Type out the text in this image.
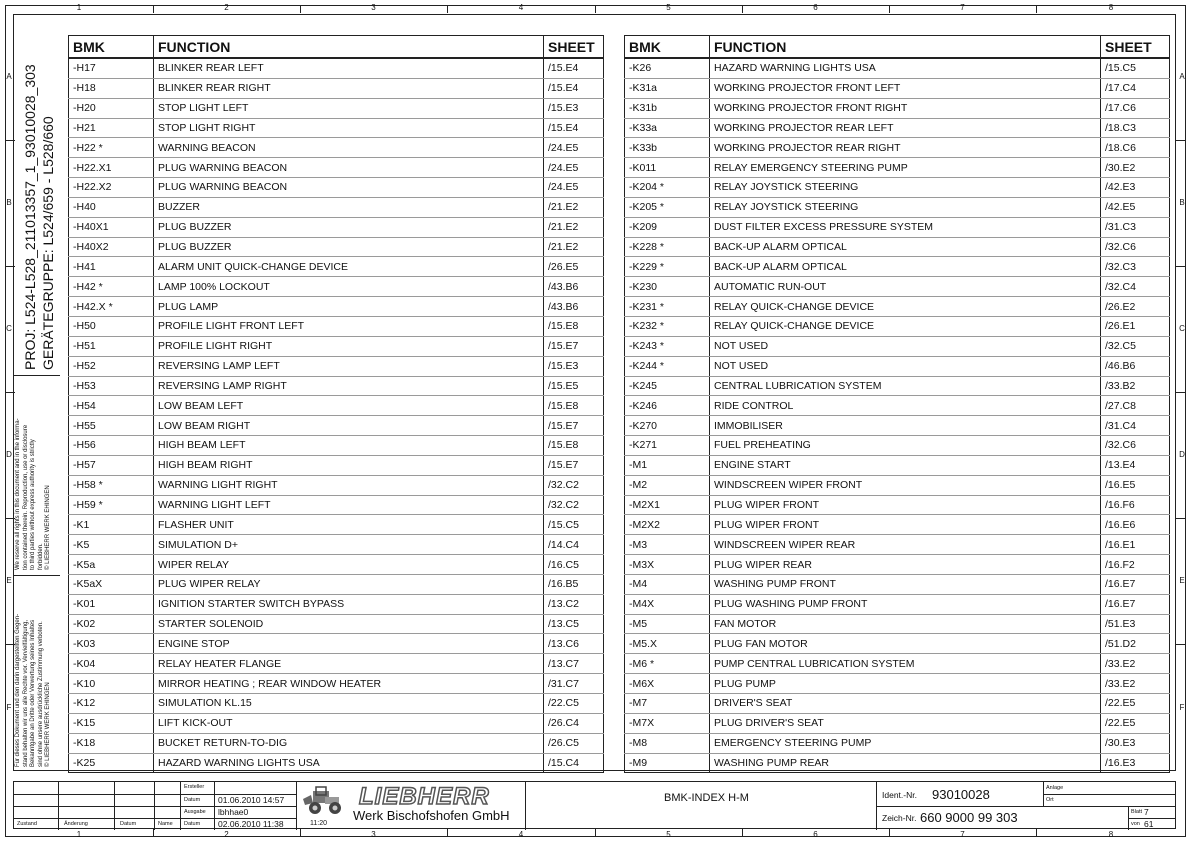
1	2	3	4	5	6	7	8
1	2	3	4	5	6	7	8
A
B
C
D
E
F
A
B
C
D
E
F
PROJ: L524-L528_211013357_1_93010028_303 GERÄTEGRUPPE: L524/659 - L528/660
We reserve all rights in this document and in the informa- tion contained therein. Reproduction, use or disclosure to third parties without express authority is strictly forbidden. © LIEBHERR WERK EHINGEN
Für dieses Dokument und den darin dargestellten Gegen- stand behalten wir uns alle Rechte vor. Vervielfältigung, Bekanntgabe an Dritte oder Verwertung seines Inhaltes sind ohne unsere ausdrückliche Zustimmung verboten. © LIEBHERR WERK EHINGEN
BMK	FUNCTION	SHEET
-H17	BLINKER REAR LEFT	/15.E4
-H18	BLINKER REAR RIGHT	/15.E4
-H20	STOP LIGHT LEFT	/15.E3
-H21	STOP LIGHT RIGHT	/15.E4
-H22 *	WARNING BEACON	/24.E5
-H22.X1	PLUG WARNING BEACON	/24.E5
-H22.X2	PLUG WARNING BEACON	/24.E5
-H40	BUZZER	/21.E2
-H40X1	PLUG BUZZER	/21.E2
-H40X2	PLUG BUZZER	/21.E2
-H41	ALARM UNIT QUICK-CHANGE DEVICE	/26.E5
-H42 *	LAMP 100% LOCKOUT	/43.B6
-H42.X *	PLUG LAMP	/43.B6
-H50	PROFILE LIGHT FRONT LEFT	/15.E8
-H51	PROFILE LIGHT RIGHT	/15.E7
-H52	REVERSING LAMP LEFT	/15.E3
-H53	REVERSING LAMP RIGHT	/15.E5
-H54	LOW BEAM LEFT	/15.E8
-H55	LOW BEAM RIGHT	/15.E7
-H56	HIGH BEAM LEFT	/15.E8
-H57	HIGH BEAM RIGHT	/15.E7
-H58 *	WARNING LIGHT RIGHT	/32.C2
-H59 *	WARNING LIGHT LEFT	/32.C2
-K1	FLASHER UNIT	/15.C5
-K5	SIMULATION D+	/14.C4
-K5a	WIPER RELAY	/16.C5
-K5aX	PLUG WIPER RELAY	/16.B5
-K01	IGNITION STARTER SWITCH BYPASS	/13.C2
-K02	STARTER SOLENOID	/13.C5
-K03	ENGINE STOP	/13.C6
-K04	RELAY HEATER FLANGE	/13.C7
-K10	MIRROR HEATING ; REAR WINDOW HEATER	/31.C7
-K12	SIMULATION KL.15	/22.C5
-K15	LIFT KICK-OUT	/26.C4
-K18	BUCKET RETURN-TO-DIG	/26.C5
-K25	HAZARD WARNING LIGHTS USA	/15.C4
BMK	FUNCTION	SHEET
-K26	HAZARD WARNING LIGHTS USA	/15.C5
-K31a	WORKING PROJECTOR FRONT LEFT	/17.C4
-K31b	WORKING PROJECTOR FRONT RIGHT	/17.C6
-K33a	WORKING PROJECTOR REAR LEFT	/18.C3
-K33b	WORKING PROJECTOR REAR RIGHT	/18.C6
-K011	RELAY EMERGENCY STEERING PUMP	/30.E2
-K204 *	RELAY JOYSTICK STEERING	/42.E3
-K205 *	RELAY JOYSTICK STEERING	/42.E5
-K209	DUST FILTER EXCESS PRESSURE SYSTEM	/31.C3
-K228 *	BACK-UP ALARM OPTICAL	/32.C6
-K229 *	BACK-UP ALARM OPTICAL	/32.C3
-K230	AUTOMATIC RUN-OUT	/32.C4
-K231 *	RELAY QUICK-CHANGE DEVICE	/26.E2
-K232 *	RELAY QUICK-CHANGE DEVICE	/26.E1
-K243 *	NOT USED	/32.C5
-K244 *	NOT USED	/46.B6
-K245	CENTRAL LUBRICATION SYSTEM	/33.B2
-K246	RIDE CONTROL	/27.C8
-K270	IMMOBILISER	/31.C4
-K271	FUEL PREHEATING	/32.C6
-M1	ENGINE START	/13.E4
-M2	WINDSCREEN WIPER FRONT	/16.E5
-M2X1	PLUG WIPER FRONT	/16.F6
-M2X2	PLUG WIPER FRONT	/16.E6
-M3	WINDSCREEN WIPER REAR	/16.E1
-M3X	PLUG WIPER REAR	/16.F2
-M4	WASHING PUMP FRONT	/16.E7
-M4X	PLUG WASHING PUMP FRONT	/16.E7
-M5	FAN MOTOR	/51.E3
-M5.X	PLUG FAN MOTOR	/51.D2
-M6 *	PUMP CENTRAL LUBRICATION SYSTEM	/33.E2
-M6X	PLUG PUMP	/33.E2
-M7	DRIVER'S SEAT	/22.E5
-M7X	PLUG DRIVER'S SEAT	/22.E5
-M8	EMERGENCY STEERING PUMP	/30.E3
-M9	WASHING PUMP REAR	/16.E3
Zustand	Änderung	Datum	Name
Ersteller
Datum 01.06.2010 14:57
Ausgabe lbhhae0
Datum 02.06.2010 11:38	11:20
LIEBHERR
Werk Bischofshofen GmbH
BMK-INDEX H-M	Ident.-Nr. 93010028
Zeich-Nr. 660 9000 99 303
Anlage
Ort
Blatt 7
von 61
